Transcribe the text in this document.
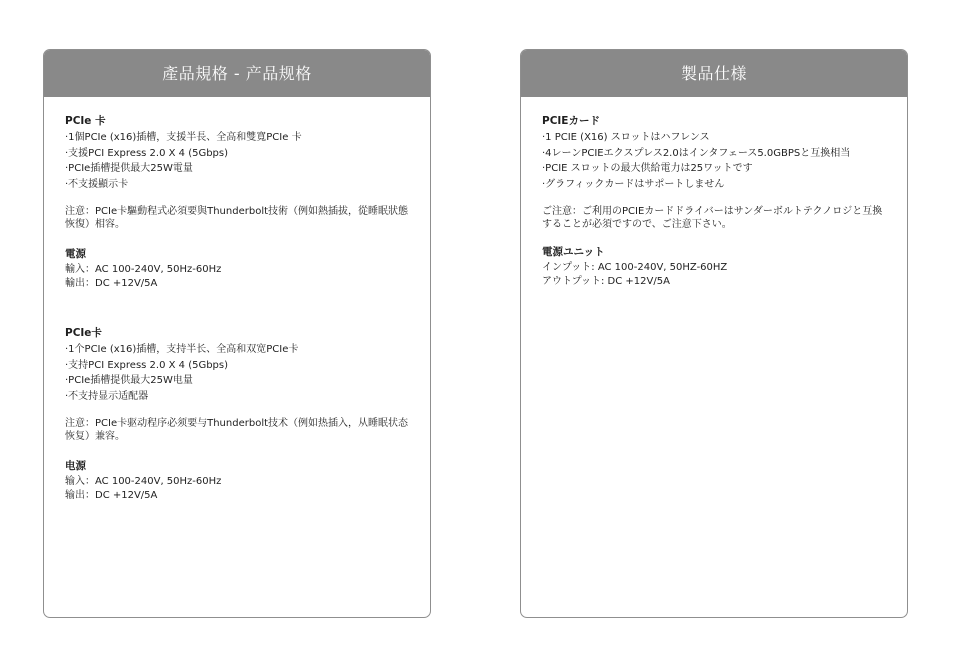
產品規格 - 产品规格
PCIe 卡
‧1個PCIe (x16)插槽，支援半長、全高和雙寬PCIe 卡
‧支援PCI Express 2.0 X 4 (5Gbps)
‧PCIe插槽提供最大25W電量
‧不支援顯示卡

注意：PCIe卡驅動程式必須要與Thunderbolt技術（例如熱插拔，從睡眠狀態恢復）相容。

電源
輸入：AC 100-240V, 50Hz-60Hz
輸出：DC +12V/5A
PCIe卡
‧1个PCIe (x16)插槽，支持半长、全高和双宽PCIe卡
‧支持PCI Express 2.0 X 4 (5Gbps)
‧PCIe插槽提供最大25W电量
‧不支持显示适配器

注意：PCIe卡驱动程序必须要与Thunderbolt技术（例如热插入，从睡眠状态恢复）兼容。

电源
输入：AC 100-240V, 50Hz-60Hz
输出：DC +12V/5A
製品仕様
PCIEカード
‧1 PCIE (X16) スロットはハフレンス
‧4レーンPCIEエクスプレス2.0はインタフェース5.0GBPSと互換相当
‧PCIE スロットの最大供給電力は25ワットです
‧グラフィックカードはサポートしません

ご注意：ご利用のPCIEカードドライバーはサンダーボルトテクノロジと互換することが必須ですので、ご注意下さい。

電源ユニット
インプット: AC 100-240V, 50HZ-60HZ
アウトプット: DC +12V/5A
